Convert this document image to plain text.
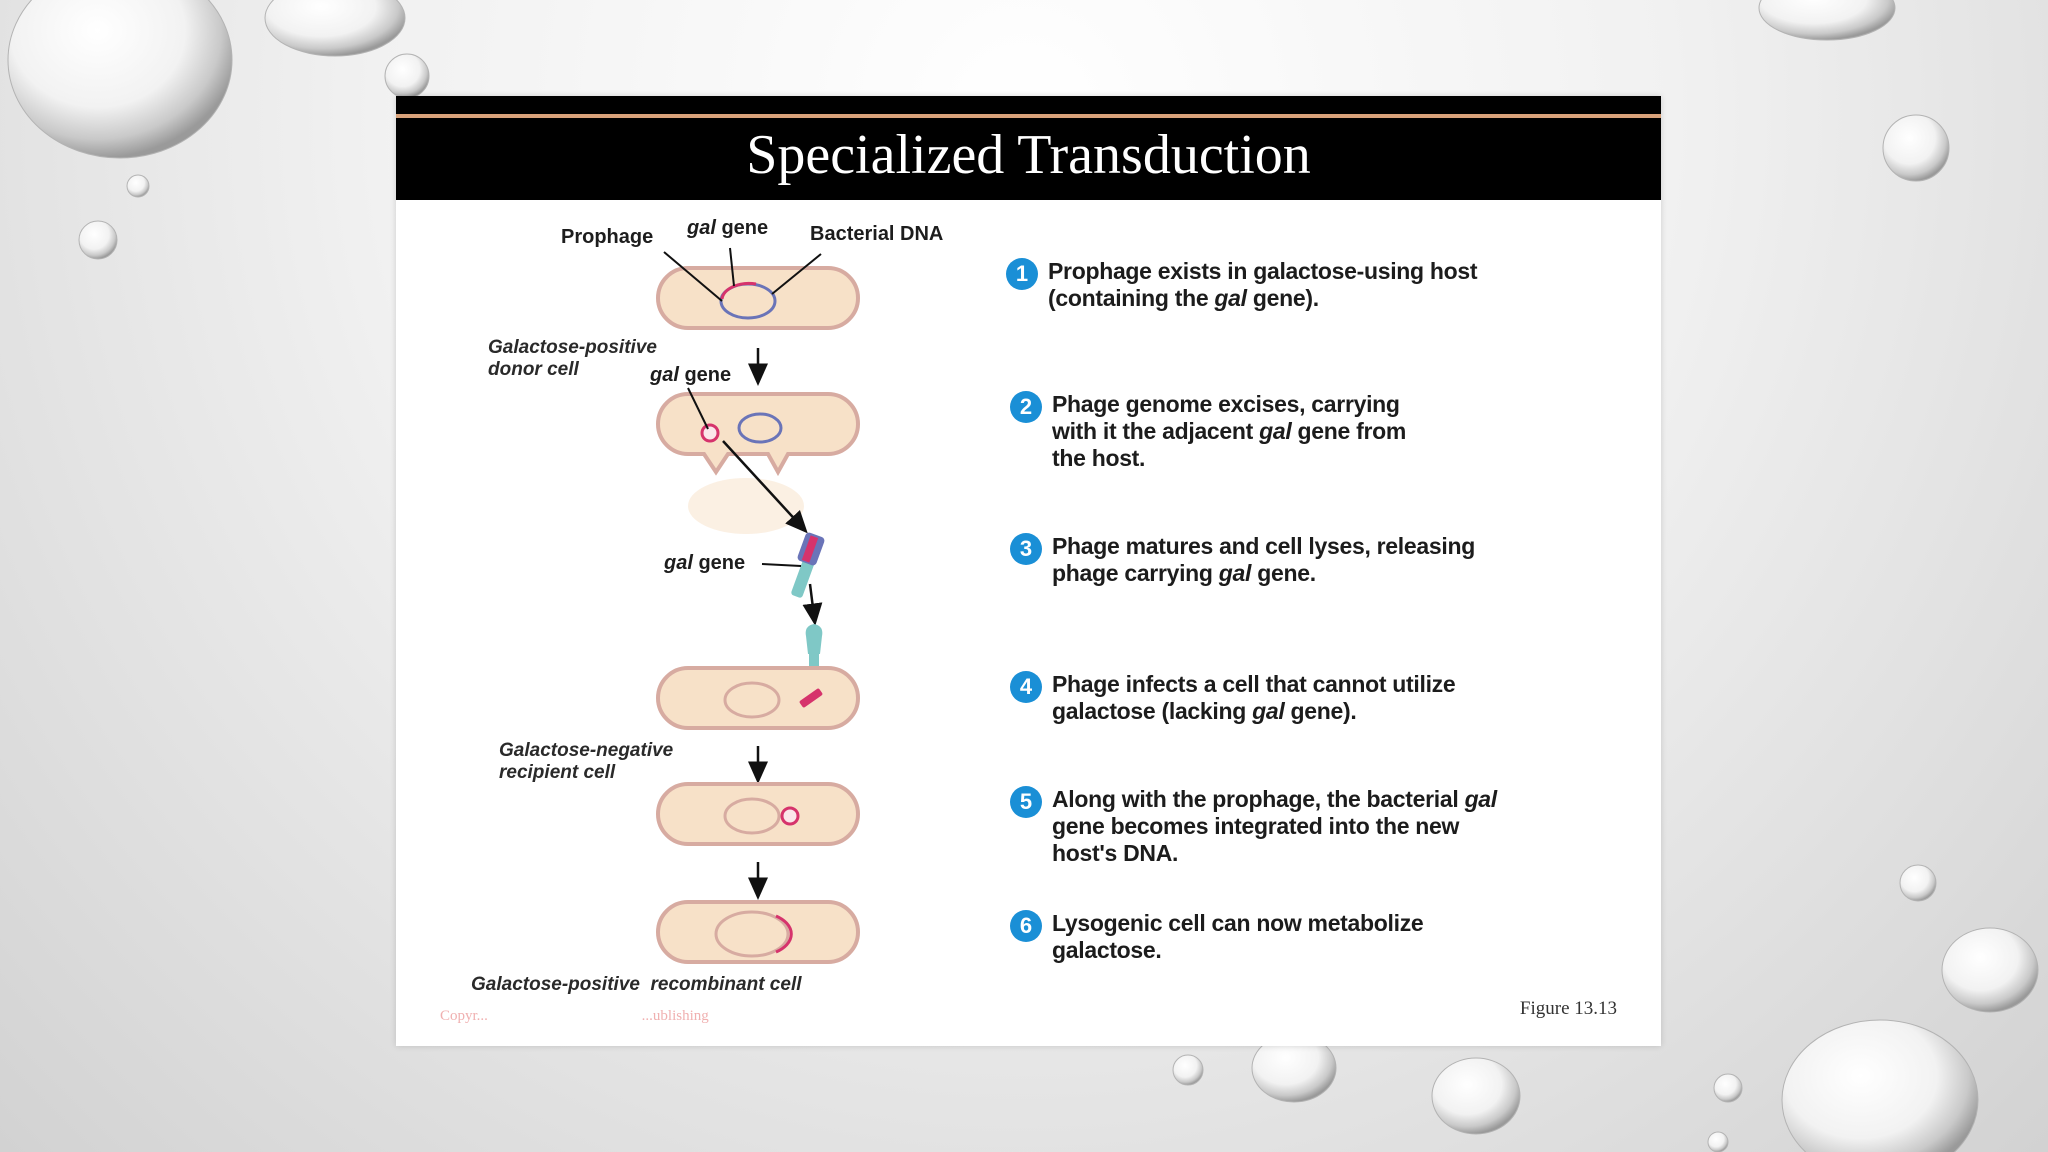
Specialized Transduction
Prophage gal gene Bacterial DNA
Galactose-positive donor cell	gal gene
gal gene
Galactose-negative recipient cell
Galactose-positive  recombinant cell
1 Prophage exists in galactose-using host
(containing the gal gene).
2 Phage genome excises, carrying
with it the adjacent gal gene from
the host.
3 Phage matures and cell lyses, releasing
phage carrying gal gene.
4 Phage infects a cell that cannot utilize
galactose (lacking gal gene).
5 Along with the prophage, the bacterial gal
gene becomes integrated into the new
host's DNA.
6 Lysogenic cell can now metabolize
galactose.
Copyr...                                         ...ublishing	Figure 13.13
